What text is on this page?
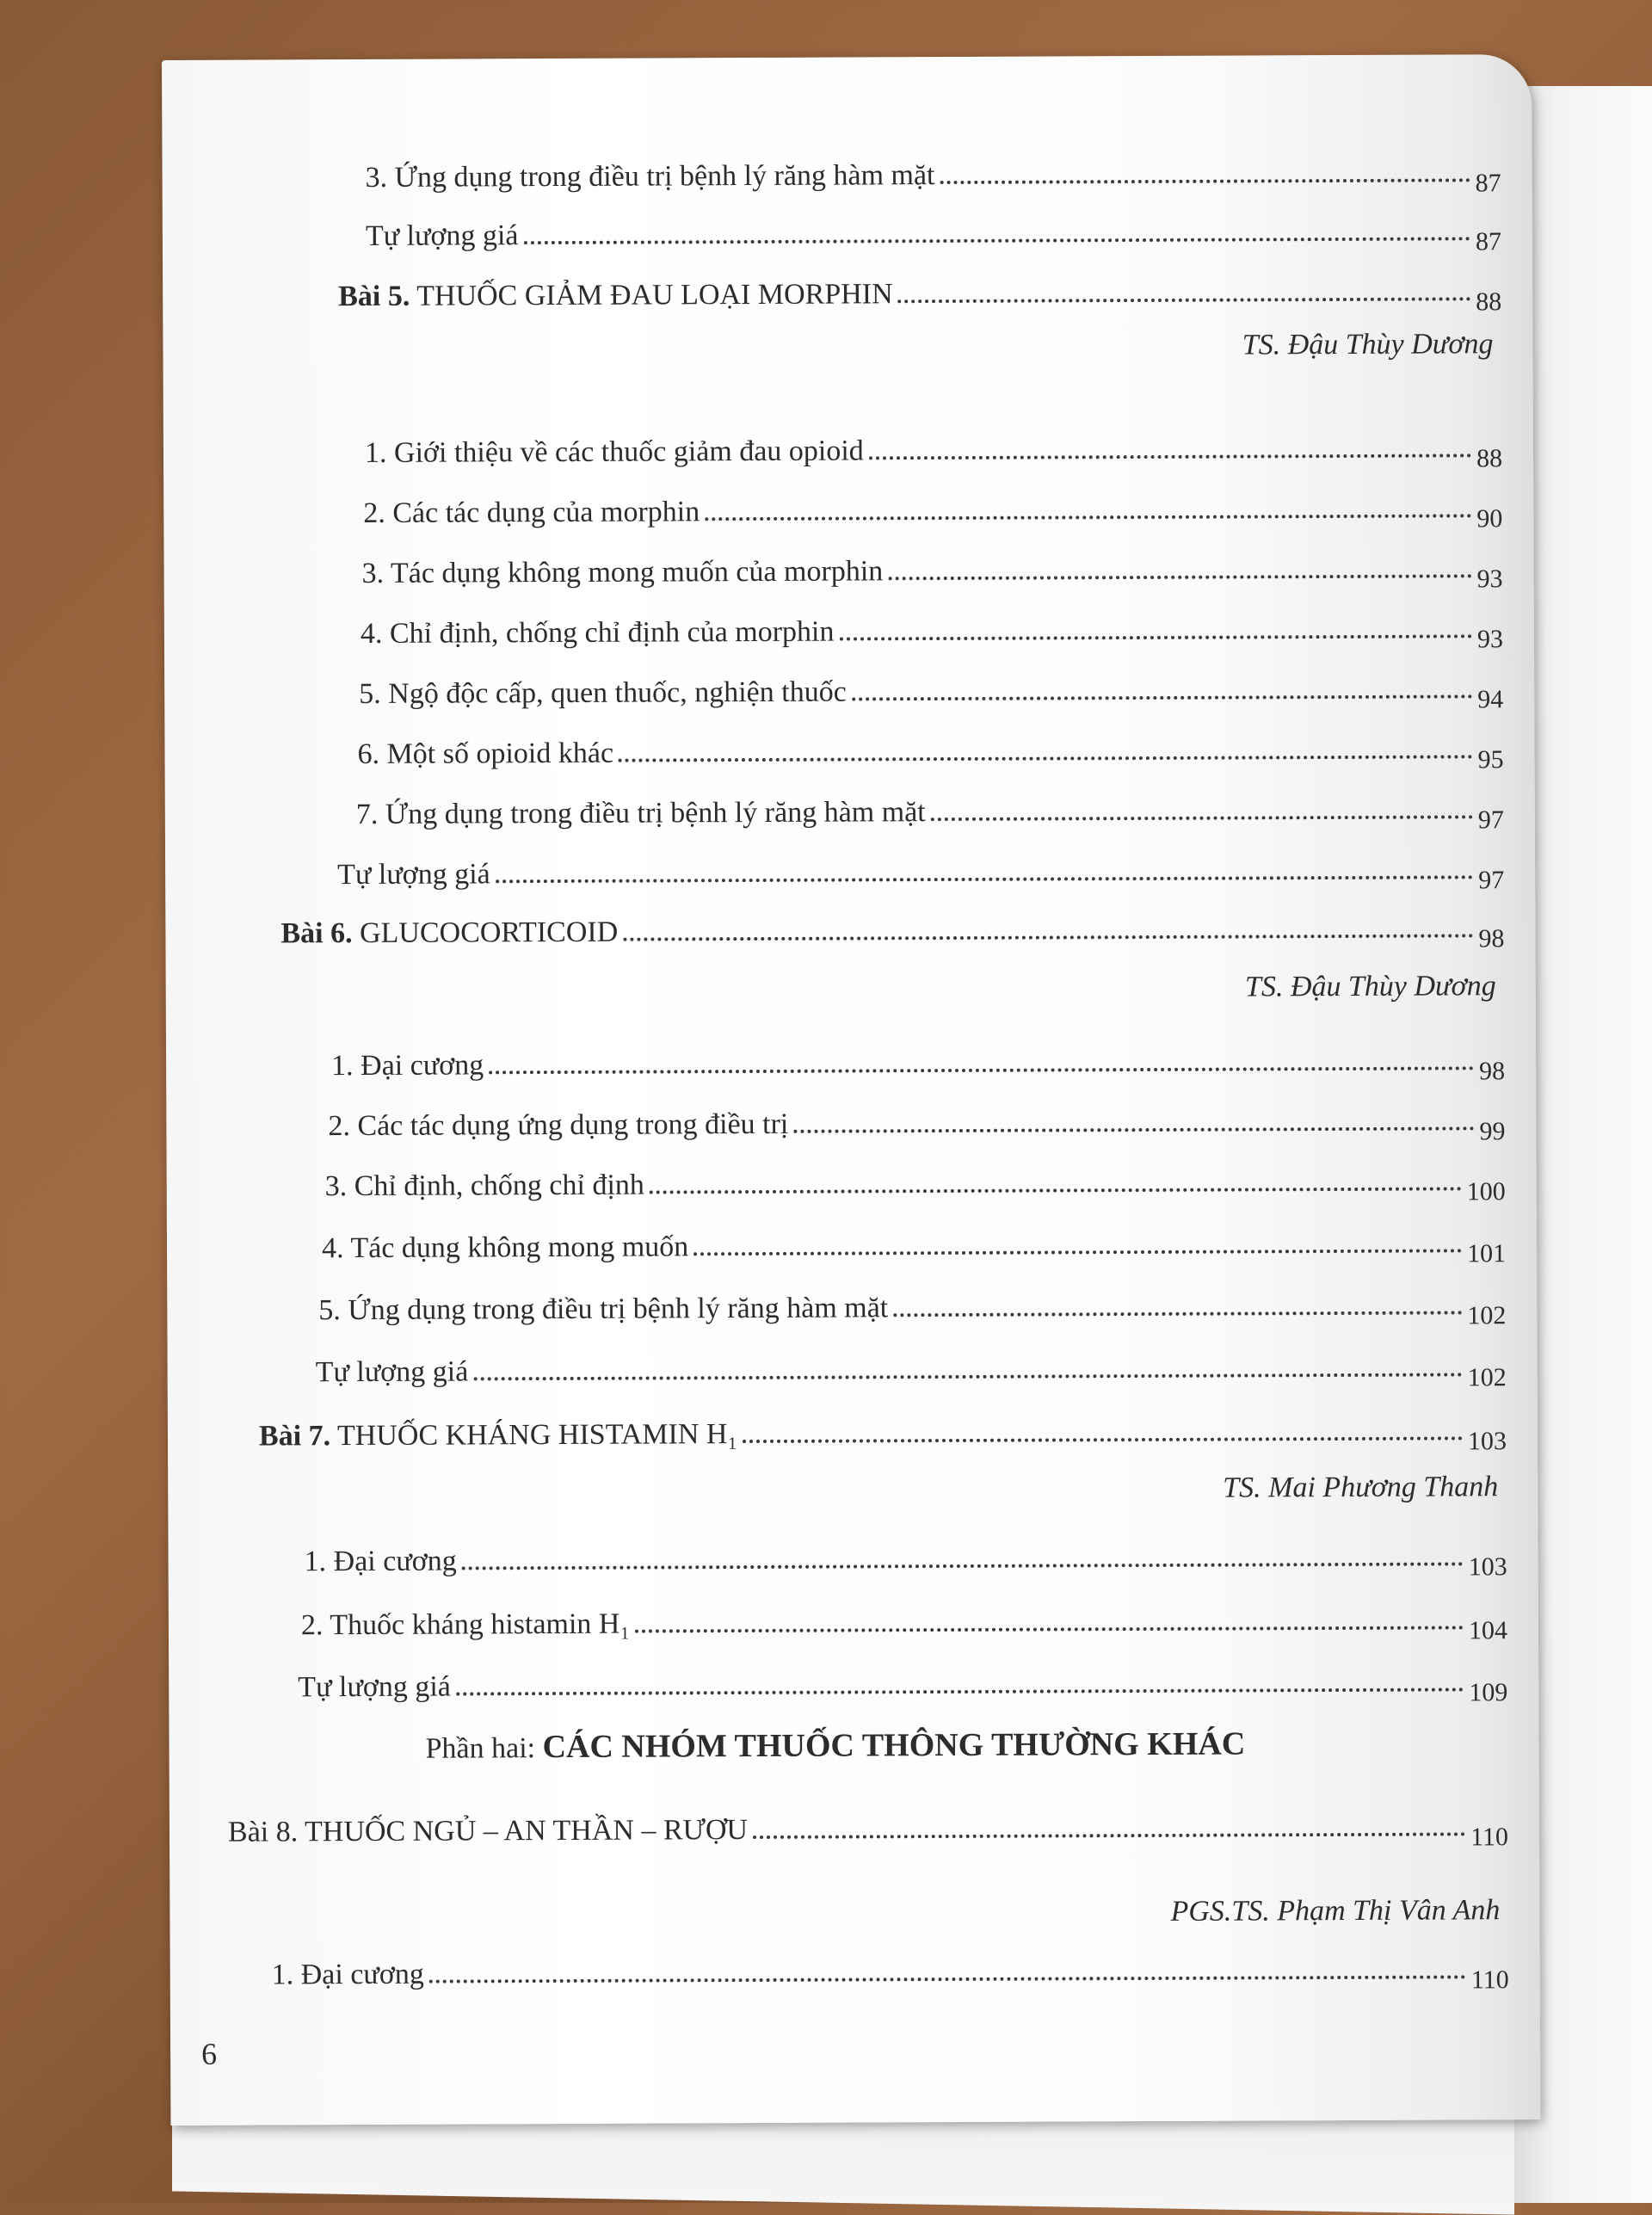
3. Ứng dụng trong điều trị bệnh lý răng hàm mặt	87
Tự lượng giá	87
Bài 5. THUỐC GIẢM ĐAU LOẠI MORPHIN	88
TS. Đậu Thùy Dương
1. Giới thiệu về các thuốc giảm đau opioid	88
2. Các tác dụng của morphin	90
3. Tác dụng không mong muốn của morphin	93
4. Chỉ định, chống chỉ định của morphin	93
5. Ngộ độc cấp, quen thuốc, nghiện thuốc	94
6. Một số opioid khác	95
7. Ứng dụng trong điều trị bệnh lý răng hàm mặt	97
Tự lượng giá	97
Bài 6. GLUCOCORTICOID	98
TS. Đậu Thùy Dương
1. Đại cương	98
2. Các tác dụng ứng dụng trong điều trị	99
3. Chỉ định, chống chỉ định	100
4. Tác dụng không mong muốn	101
5. Ứng dụng trong điều trị bệnh lý răng hàm mặt	102
Tự lượng giá	102
Bài 7. THUỐC KHÁNG HISTAMIN H₁	103
TS. Mai Phương Thanh
1. Đại cương	103
2. Thuốc kháng histamin H₁	104
Tự lượng giá	109
Phần hai: CÁC NHÓM THUỐC THÔNG THƯỜNG KHÁC
Bài 8. THUỐC NGỦ – AN THẦN – RƯỢU	110
PGS.TS. Phạm Thị Vân Anh
1. Đại cương	110
6
